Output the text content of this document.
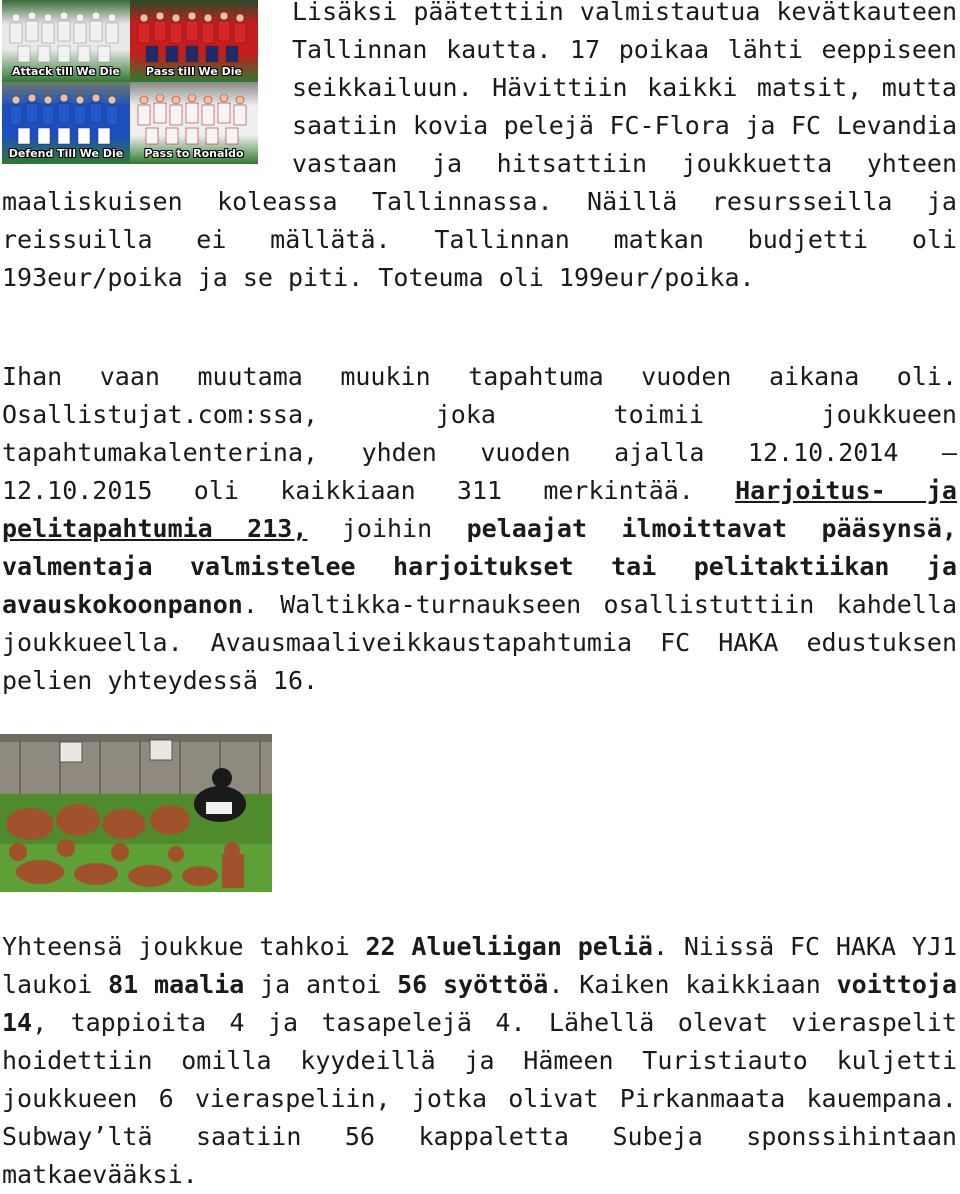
Attack till We Die	Pass till We Die
Defend Till We Die	Pass to Ronaldo
Lisäksi päätettiin valmistautua kevätkauteen Tallinnan kautta. 17 poikaa lähti eeppiseen seikkailuun. Hävittiin kaikki matsit, mutta saatiin kovia pelejä FC-Flora ja FC Levandia vastaan ja hitsattiin joukkuetta yhteen maaliskuisen koleassa Tallinnassa. Näillä resursseilla ja reissuilla ei mällätä. Tallinnan matkan budjetti oli 193eur/poika ja se piti. Toteuma oli 199eur/poika.
Ihan vaan muutama muukin tapahtuma vuoden aikana oli. Osallistujat.com:ssa, joka toimii joukkueen tapahtumakalenterina, yhden vuoden ajalla 12.10.2014 – 12.10.2015 oli kaikkiaan 311 merkintää. Harjoitus- ja pelitapahtumia 213, joihin pelaajat ilmoittavat pääsynsä, valmentaja valmistelee harjoitukset tai pelitaktiikan ja avauskokoonpanon. Waltikka-turnaukseen osallistuttiin kahdella joukkueella. Avausmaaliveikkaustapahtumia FC HAKA edustuksen pelien yhteydessä 16.
Yhteensä joukkue tahkoi 22 Alueliigan peliä. Niissä FC HAKA YJ1 laukoi 81 maalia ja antoi 56 syöttöä. Kaiken kaikkiaan voittoja 14, tappioita 4 ja tasapelejä 4. Lähellä olevat vieraspelit hoidettiin omilla kyydeillä ja Hämeen Turistiauto kuljetti joukkueen 6 vieraspeliin, jotka olivat Pirkanmaata kauempana. Subway’ltä saatiin 56 kappaletta Subeja sponssihintaan matkaevääksi.
